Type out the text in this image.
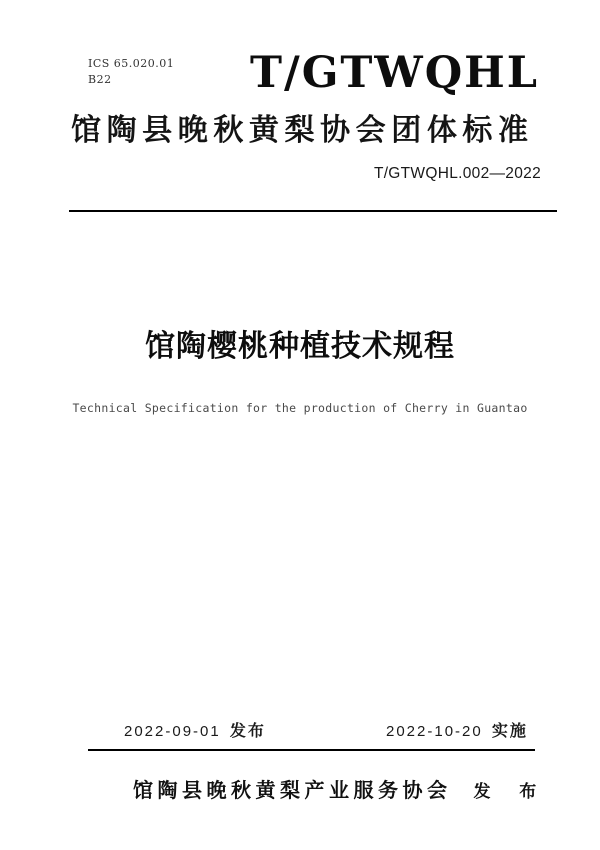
ICS 65.020.01
B22	T/GTWQHL
馆陶县晚秋黄梨协会团体标准
T/GTWQHL.002—2022
馆陶樱桃种植技术规程
Technical Specification for the production of Cherry in Guantao
2022-09-01 发布	2022-10-20 实施
馆陶县晚秋黄梨产业服务协会 发 布
